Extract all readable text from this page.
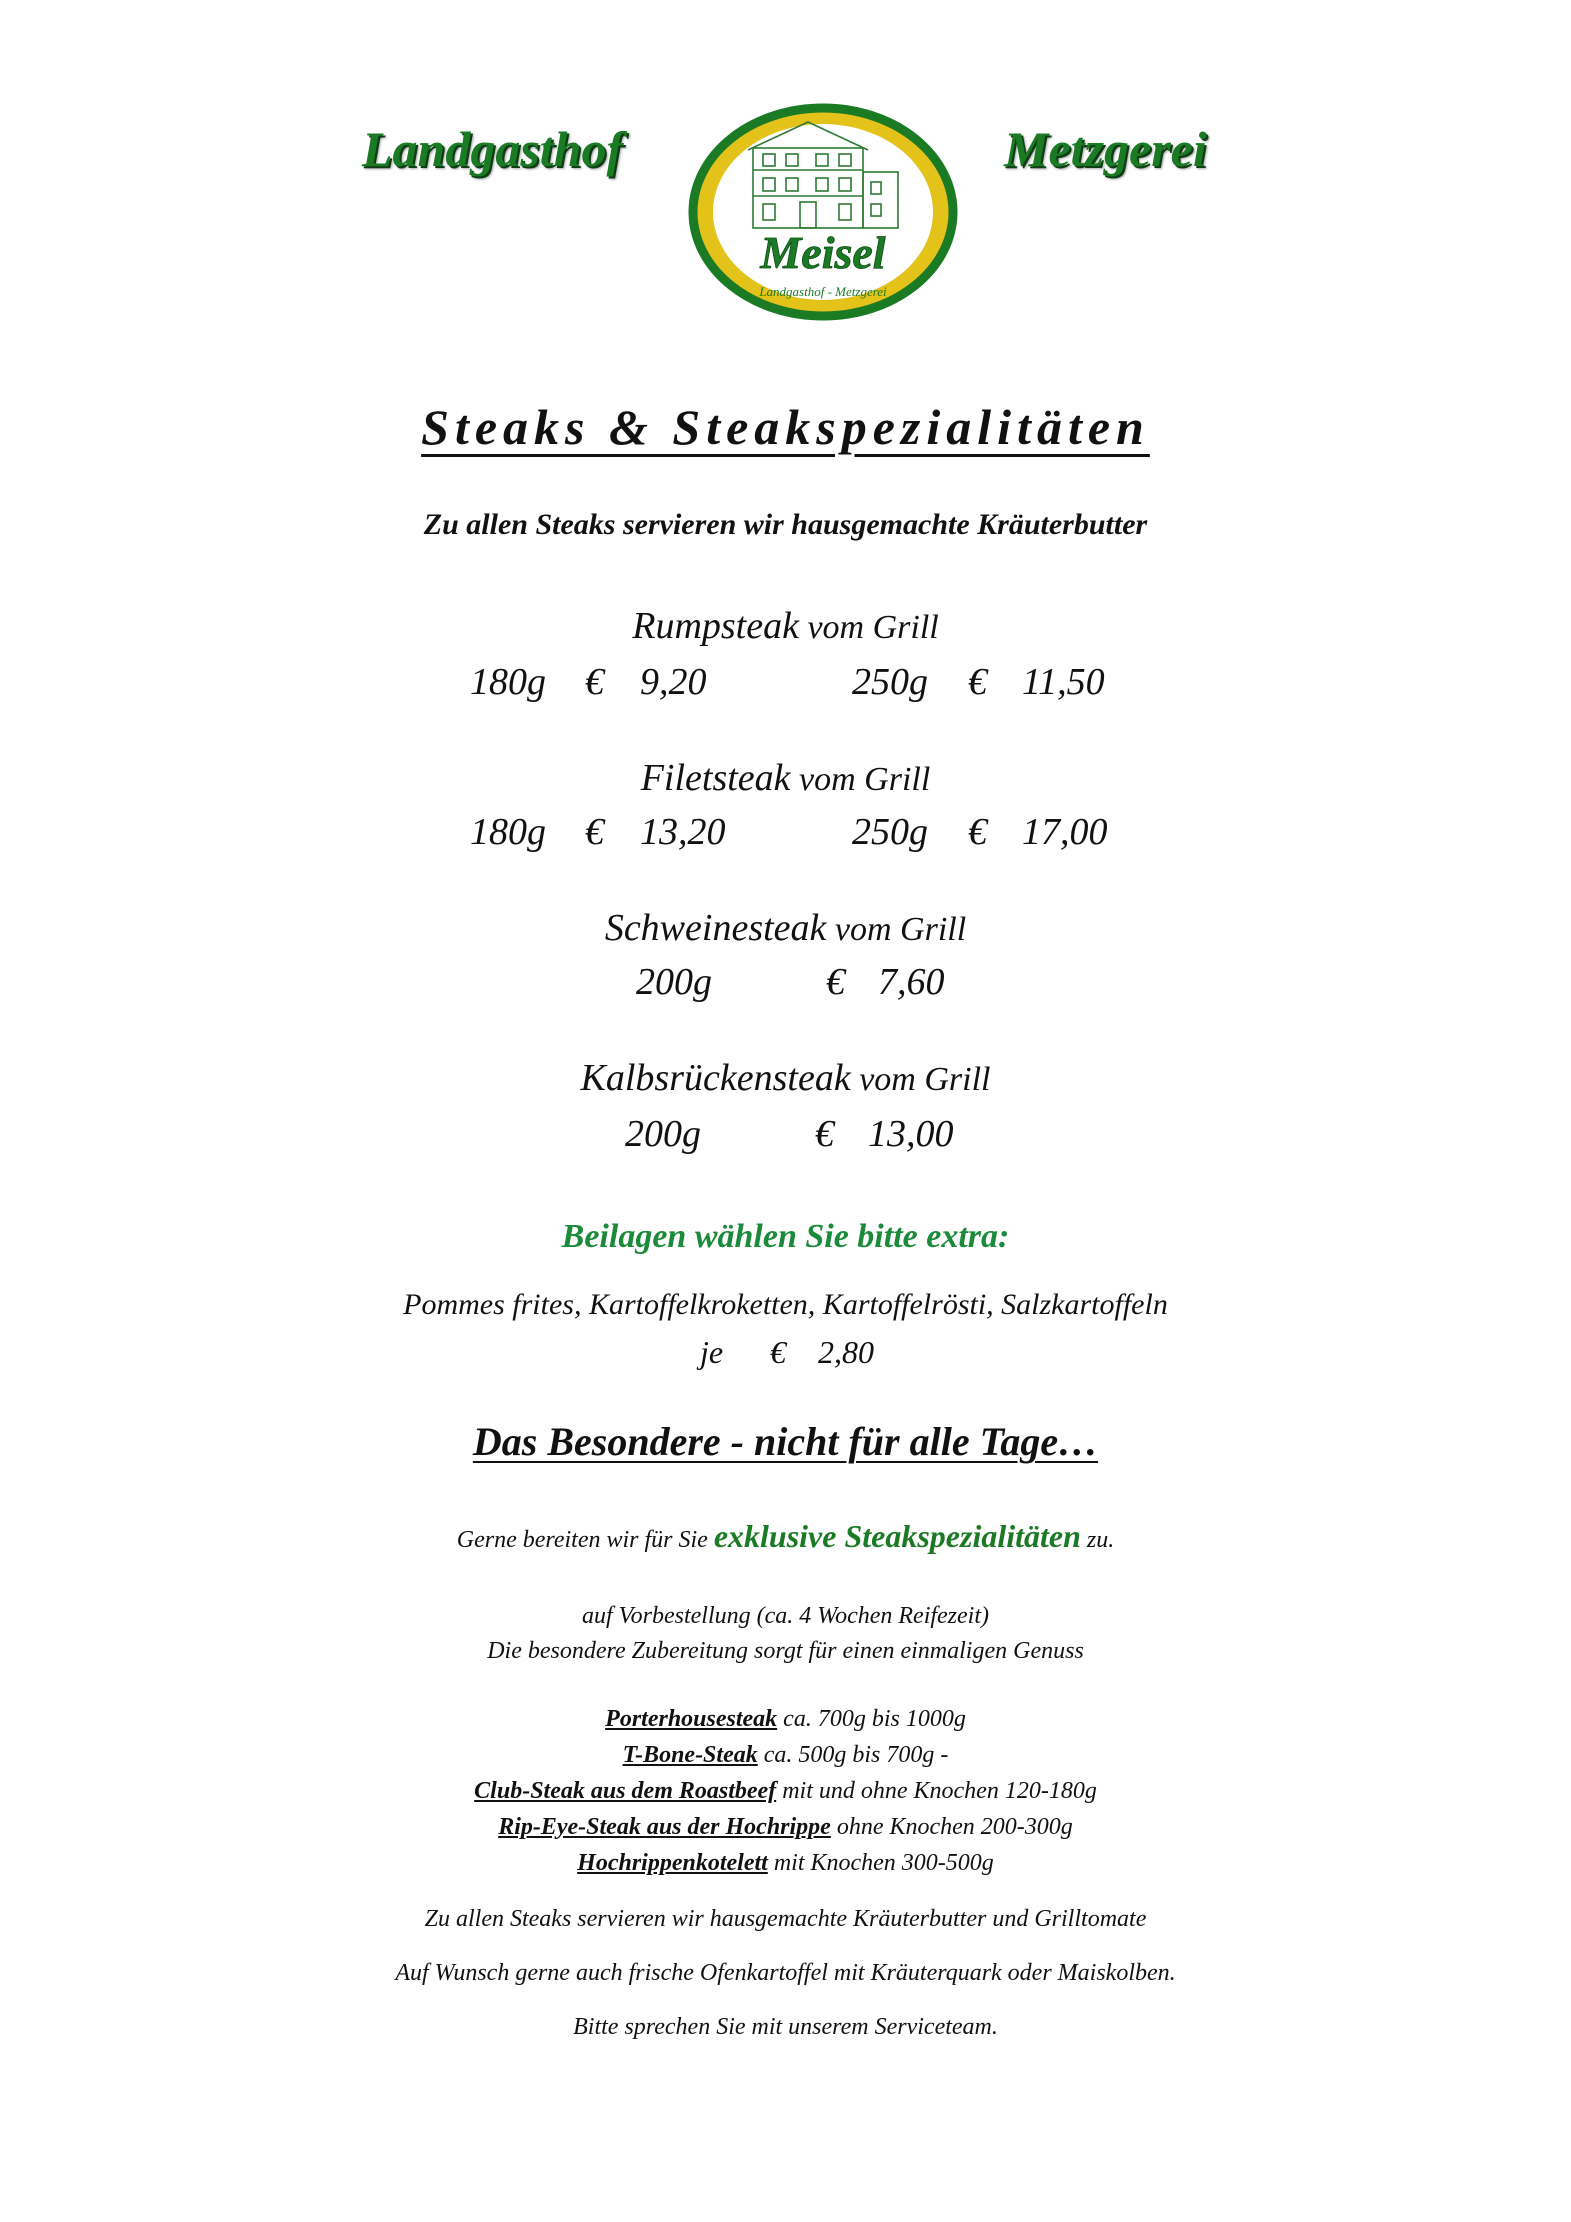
Landgasthof	Metzgerei
Meisel
Landgasthof - Metzgerei
Steaks & Steakspezialitäten
Zu allen Steaks servieren wir hausgemachte Kräuterbutter
Rumpsteak vom Grill
180g € 9,20	250g € 11,50
Filetsteak vom Grill
180g € 13,20	250g € 17,00
Schweinesteak vom Grill
200g	€ 7,60
Kalbsrückensteak vom Grill
200g	€ 13,00
Beilagen wählen Sie bitte extra:
Pommes frites, Kartoffelkroketten, Kartoffelrösti, Salzkartoffeln
je € 2,80
Das Besondere - nicht für alle Tage…
Gerne bereiten wir für Sie exklusive Steakspezialitäten zu.
auf Vorbestellung (ca. 4 Wochen Reifezeit)
Die besondere Zubereitung sorgt für einen einmaligen Genuss
Porterhousesteak ca. 700g bis 1000g
T-Bone-Steak ca. 500g bis 700g -
Club-Steak aus dem Roastbeef mit und ohne Knochen 120-180g
Rip-Eye-Steak aus der Hochrippe ohne Knochen 200-300g
Hochrippenkotelett mit Knochen 300-500g
Zu allen Steaks servieren wir hausgemachte Kräuterbutter und Grilltomate
Auf Wunsch gerne auch frische Ofenkartoffel mit Kräuterquark oder Maiskolben.
Bitte sprechen Sie mit unserem Serviceteam.
